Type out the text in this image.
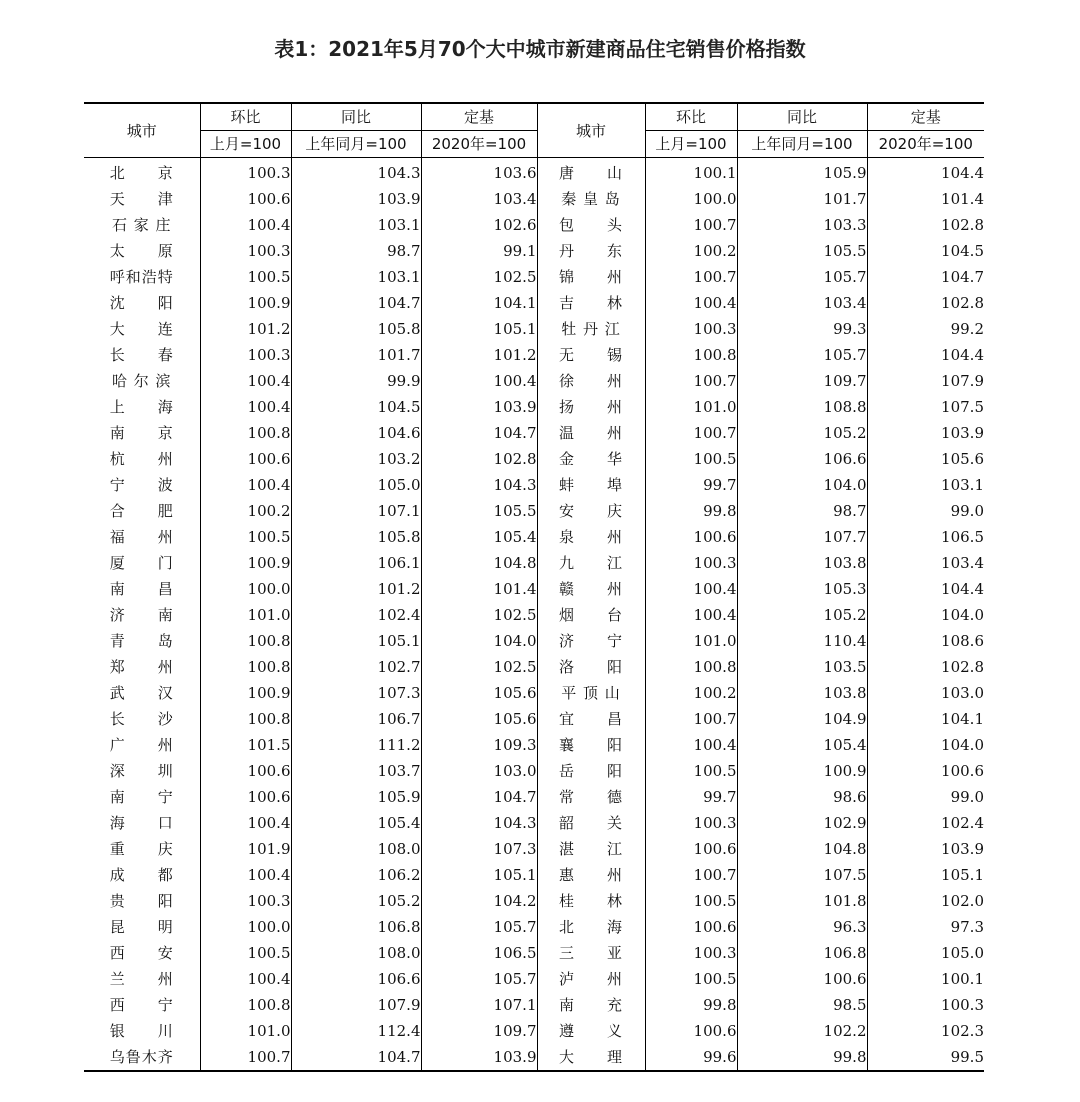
表1：2021年5月70个大中城市新建商品住宅销售价格指数
城市	环比	同比	定基	城市	环比	同比	定基
	上月=100	上年同月=100	2020年=100		上月=100	上年同月=100	2020年=100
北　　京	100.3	104.3	103.6	唐　　山	100.1	105.9	104.4
天　　津	100.6	103.9	103.4	秦 皇 岛	100.0	101.7	101.4
石 家 庄	100.4	103.1	102.6	包　　头	100.7	103.3	102.8
太　　原	100.3	98.7	99.1	丹　　东	100.2	105.5	104.5
呼和浩特	100.5	103.1	102.5	锦　　州	100.7	105.7	104.7
沈　　阳	100.9	104.7	104.1	吉　　林	100.4	103.4	102.8
大　　连	101.2	105.8	105.1	牡 丹 江	100.3	99.3	99.2
长　　春	100.3	101.7	101.2	无　　锡	100.8	105.7	104.4
哈 尔 滨	100.4	99.9	100.4	徐　　州	100.7	109.7	107.9
上　　海	100.4	104.5	103.9	扬　　州	101.0	108.8	107.5
南　　京	100.8	104.6	104.7	温　　州	100.7	105.2	103.9
杭　　州	100.6	103.2	102.8	金　　华	100.5	106.6	105.6
宁　　波	100.4	105.0	104.3	蚌　　埠	99.7	104.0	103.1
合　　肥	100.2	107.1	105.5	安　　庆	99.8	98.7	99.0
福　　州	100.5	105.8	105.4	泉　　州	100.6	107.7	106.5
厦　　门	100.9	106.1	104.8	九　　江	100.3	103.8	103.4
南　　昌	100.0	101.2	101.4	赣　　州	100.4	105.3	104.4
济　　南	101.0	102.4	102.5	烟　　台	100.4	105.2	104.0
青　　岛	100.8	105.1	104.0	济　　宁	101.0	110.4	108.6
郑　　州	100.8	102.7	102.5	洛　　阳	100.8	103.5	102.8
武　　汉	100.9	107.3	105.6	平 顶 山	100.2	103.8	103.0
长　　沙	100.8	106.7	105.6	宜　　昌	100.7	104.9	104.1
广　　州	101.5	111.2	109.3	襄　　阳	100.4	105.4	104.0
深　　圳	100.6	103.7	103.0	岳　　阳	100.5	100.9	100.6
南　　宁	100.6	105.9	104.7	常　　德	99.7	98.6	99.0
海　　口	100.4	105.4	104.3	韶　　关	100.3	102.9	102.4
重　　庆	101.9	108.0	107.3	湛　　江	100.6	104.8	103.9
成　　都	100.4	106.2	105.1	惠　　州	100.7	107.5	105.1
贵　　阳	100.3	105.2	104.2	桂　　林	100.5	101.8	102.0
昆　　明	100.0	106.8	105.7	北　　海	100.6	96.3	97.3
西　　安	100.5	108.0	106.5	三　　亚	100.3	106.8	105.0
兰　　州	100.4	106.6	105.7	泸　　州	100.5	100.6	100.1
西　　宁	100.8	107.9	107.1	南　　充	99.8	98.5	100.3
银　　川	101.0	112.4	109.7	遵　　义	100.6	102.2	102.3
乌鲁木齐	100.7	104.7	103.9	大　　理	99.6	99.8	99.5
